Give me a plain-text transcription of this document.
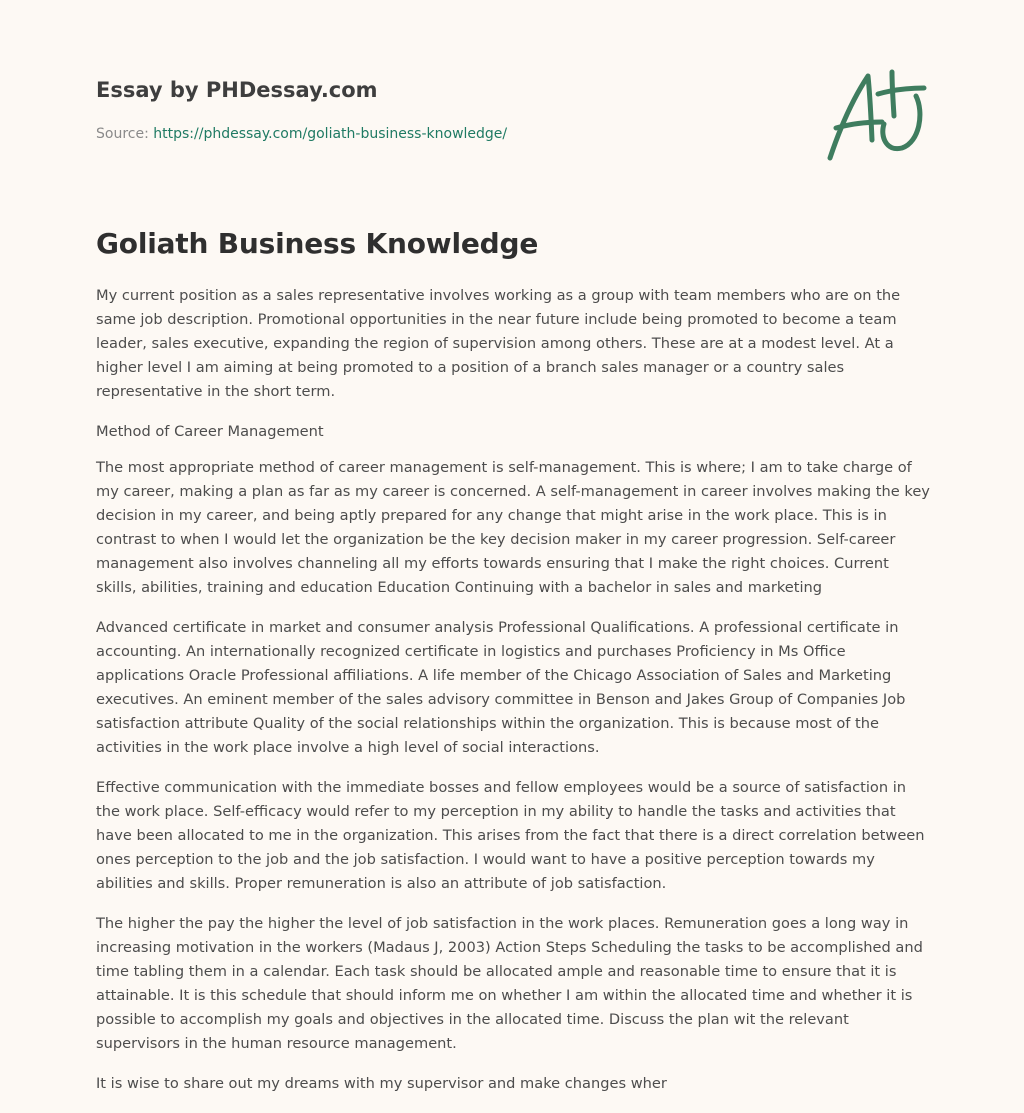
Essay by PHDessay.com
Source: https://phdessay.com/goliath-business-knowledge/
Goliath Business Knowledge

My current position as a sales representative involves working as a group with team members who are on the same job description. Promotional opportunities in the near future include being promoted to become a team leader, sales executive, expanding the region of supervision among others. These are at a modest level. At a higher level I am aiming at being promoted to a position of a branch sales manager or a country sales representative in the short term.

Method of Career Management

The most appropriate method of career management is self-management. This is where; I am to take charge of my career, making a plan as far as my career is concerned. A self-management in career involves making the key decision in my career, and being aptly prepared for any change that might arise in the work place. This is in contrast to when I would let the organization be the key decision maker in my career progression. Self-career management also involves channeling all my efforts towards ensuring that I make the right choices. Current skills, abilities, training and education Education Continuing with a bachelor in sales and marketing

Advanced certificate in market and consumer analysis Professional Qualifications. A professional certificate in accounting. An internationally recognized certificate in logistics and purchases Proficiency in Ms Office applications Oracle Professional affiliations. A life member of the Chicago Association of Sales and Marketing executives. An eminent member of the sales advisory committee in Benson and Jakes Group of Companies Job satisfaction attribute Quality of the social relationships within the organization. This is because most of the activities in the work place involve a high level of social interactions.

Effective communication with the immediate bosses and fellow employees would be a source of satisfaction in the work place. Self-efficacy would refer to my perception in my ability to handle the tasks and activities that have been allocated to me in the organization. This arises from the fact that there is a direct correlation between ones perception to the job and the job satisfaction. I would want to have a positive perception towards my abilities and skills. Proper remuneration is also an attribute of job satisfaction.

The higher the pay the higher the level of job satisfaction in the work places. Remuneration goes a long way in increasing motivation in the workers (Madaus J, 2003) Action Steps Scheduling the tasks to be accomplished and time tabling them in a calendar. Each task should be allocated ample and reasonable time to ensure that it is attainable. It is this schedule that should inform me on whether I am within the allocated time and whether it is possible to accomplish my goals and objectives in the allocated time. Discuss the plan wit the relevant supervisors in the human resource management.

It is wise to share out my dreams with my supervisor and make changes wher
